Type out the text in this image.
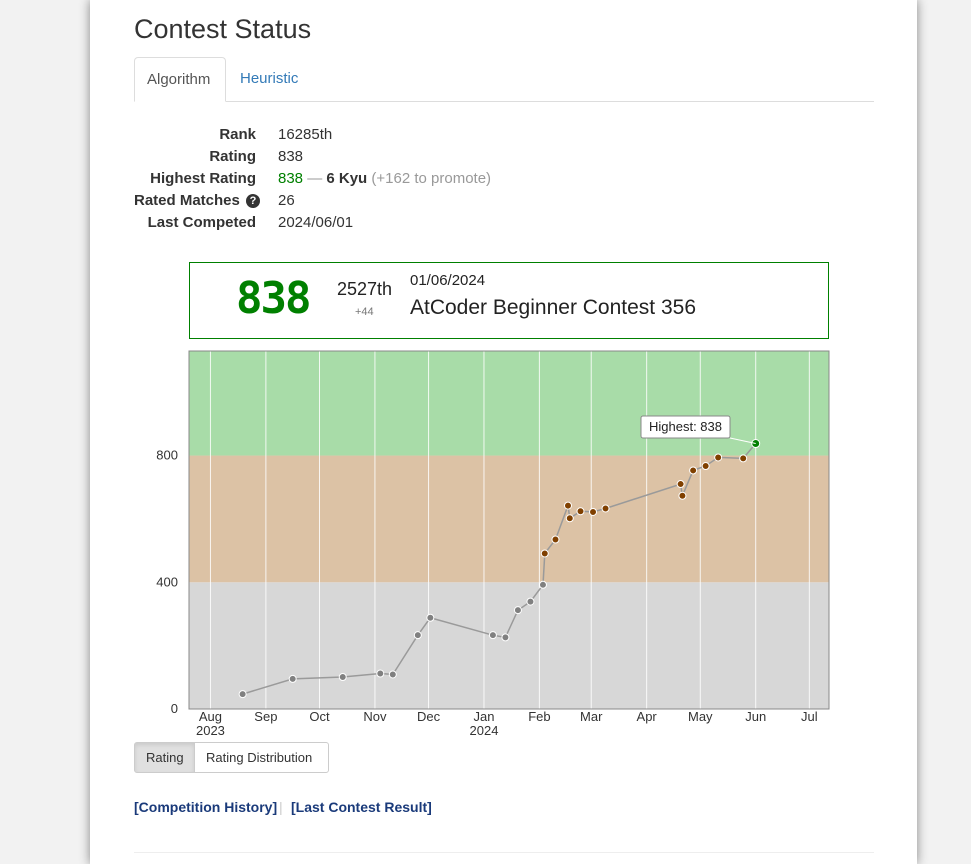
Contest Status
Algorithm	Heuristic
Rank 16285th
Rating 838
Highest Rating 838 — 6 Kyu (+162 to promote)
Rated Matches ? 26
Last Competed 2024/06/01
838 2527th
+44
01/06/2024
AtCoder Beginner Contest 356
0
400
800
Aug
2023
Sep Oct	Nov Dec	Jan
2024
Feb Mar	Apr May	Jun	Jul
Highest: 838
Rating	Rating Distribution
[Competition History] | [Last Contest Result]
